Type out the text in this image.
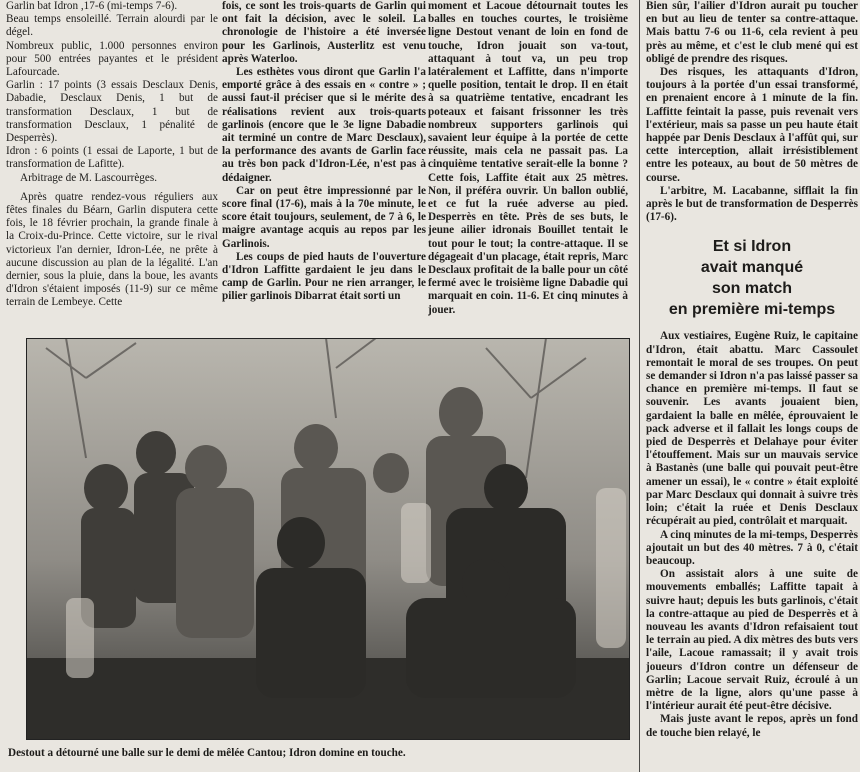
Garlin bat Idron ,17-6 (mi-temps 7-6).

Beau temps ensoleillé. Terrain alourdi par le dégel.

Nombreux public, 1.000 personnes environ pour 500 entrées payantes et le président Lafourcade.

Garlin : 17 points (3 essais Desclaux Denis, Dabadie, Desclaux Denis, 1 but de transformation Desclaux, 1 but de transformation Desclaux, 1 pénalité de Desperrès).

Idron : 6 points (1 essai de Laporte, 1 but de transformation de Lafitte).

Arbitrage de M. Lascourrèges.

Après quatre rendez-vous réguliers aux fêtes finales du Béarn, Garlin disputera cette fois, le 18 février prochain, la grande finale à la Croix-du-Prince. Cette victoire, sur le rival victorieux l'an dernier, Idron-Lée, ne prête à aucune discussion au plan de la légalité. L'an dernier, sous la pluie, dans la boue, les avants d'Idron s'étaient imposés (11-9) sur ce même terrain de Lembeye. Cette

fois, ce sont les trois-quarts de Garlin qui ont fait la décision, avec le soleil. La chronologie de l'histoire a été inversée pour les Garlinois, Austerlitz est venu après Waterloo.

Les esthètes vous diront que Garlin l'a emporté grâce à des essais en « contre » ; aussi faut-il préciser que si le mérite des réalisations revient aux trois-quarts garlinois (encore que le 3e ligne Dabadie ait terminé un contre de Marc Desclaux), la performance des avants de Garlin face au très bon pack d'Idron-Lée, n'est pas à dédaigner.

Car on peut être impressionné par le score final (17-6), mais à la 70e minute, le score était toujours, seulement, de 7 à 6, le maigre avantage acquis au repos par les Garlinois.

Les coups de pied hauts de l'ouverture d'Idron Laffitte gardaient le jeu dans le camp de Garlin. Pour ne rien arranger, le pilier garlinois Dibarrat était sorti un

moment et Lacoue détournait toutes les balles en touches courtes, le troisième ligne Destout venant de loin en fond de touche, Idron jouait son va-tout, attaquant à tout va, un peu trop latéralement et Laffitte, dans n'importe quelle position, tentait le drop. Il en était à sa quatrième tentative, encadrant les poteaux et faisant frissonner les très nombreux supporters garlinois qui savaient leur équipe à la portée de cette réussite, mais cela ne passait pas. La cinquième tentative serait-elle la bonne ? Cette fois, Laffite était aux 25 mètres. Non, il préféra ouvrir. Un ballon oublié, et ce fut la ruée adverse au pied. Desperrès en tête. Près de ses buts, le jeune ailier idronais Bouillet tentait le tout pour le tout; la contre-attaque. Il se dégageait d'un placage, était repris, Marc Desclaux profitait de la balle pour un côté fermé avec le troisième ligne Dabadie qui marquait en coin. 11-6. Et cinq minutes à jouer.

Bien sûr, l'ailier d'Idron aurait pu toucher en but au lieu de tenter sa contre-attaque. Mais battu 7-6 ou 11-6, cela revient à peu près au même, et c'est le club mené qui est obligé de prendre des risques.

Des risques, les attaquants d'Idron, toujours à la portée d'un essai transformé, en prenaient encore à 1 minute de la fin. Laffitte feintait la passe, puis revenait vers l'extérieur, mais sa passe un peu haute était happée par Denis Desclaux à l'affût qui, sur cette interception, allait irrésistiblement entre les poteaux, au bout de 50 mètres de course.

L'arbitre, M. Lacabanne, sifflait la fin après le but de transformation de Desperrès (17-6).

Et si Idron
avait manqué
son match
en première mi-temps

Aux vestiaires, Eugène Ruiz, le capitaine d'Idron, était abattu. Marc Cassoulet remontait le moral de ses troupes. On peut se demander si Idron n'a pas laissé passer sa chance en première mi-temps. Il faut se souvenir. Les avants jouaient bien, gardaient la balle en mêlée, éprouvaient le pack adverse et il fallait les longs coups de pied de Desperrès et Delahaye pour éviter l'étouffement. Mais sur un mauvais service à Bastanès (une balle qui pouvait peut-être amener un essai), le « contre » était exploité par Marc Desclaux qui donnait à suivre très loin; c'était la ruée et Denis Desclaux récupérait au pied, contrôlait et marquait.

A cinq minutes de la mi-temps, Desperrès ajoutait un but des 40 mètres. 7 à 0, c'était beaucoup.

On assistait alors à une suite de mouvements emballés; Laffitte tapait à suivre haut; depuis les buts garlinois, c'était la contre-attaque au pied de Desperrès et à nouveau les avants d'Idron refaisaient tout le terrain au pied. A dix mètres des buts vers l'aile, Lacoue ramassait; il y avait trois joueurs d'Idron contre un défenseur de Garlin; Lacoue servait Ruiz, écroulé à un mètre de la ligne, alors qu'une passe à l'intérieur aurait été peut-être décisive.

Mais juste avant le repos, après un fond de touche bien relayé, le

Destout a détourné une balle sur le demi de mêlée Cantou; Idron domine en touche.
